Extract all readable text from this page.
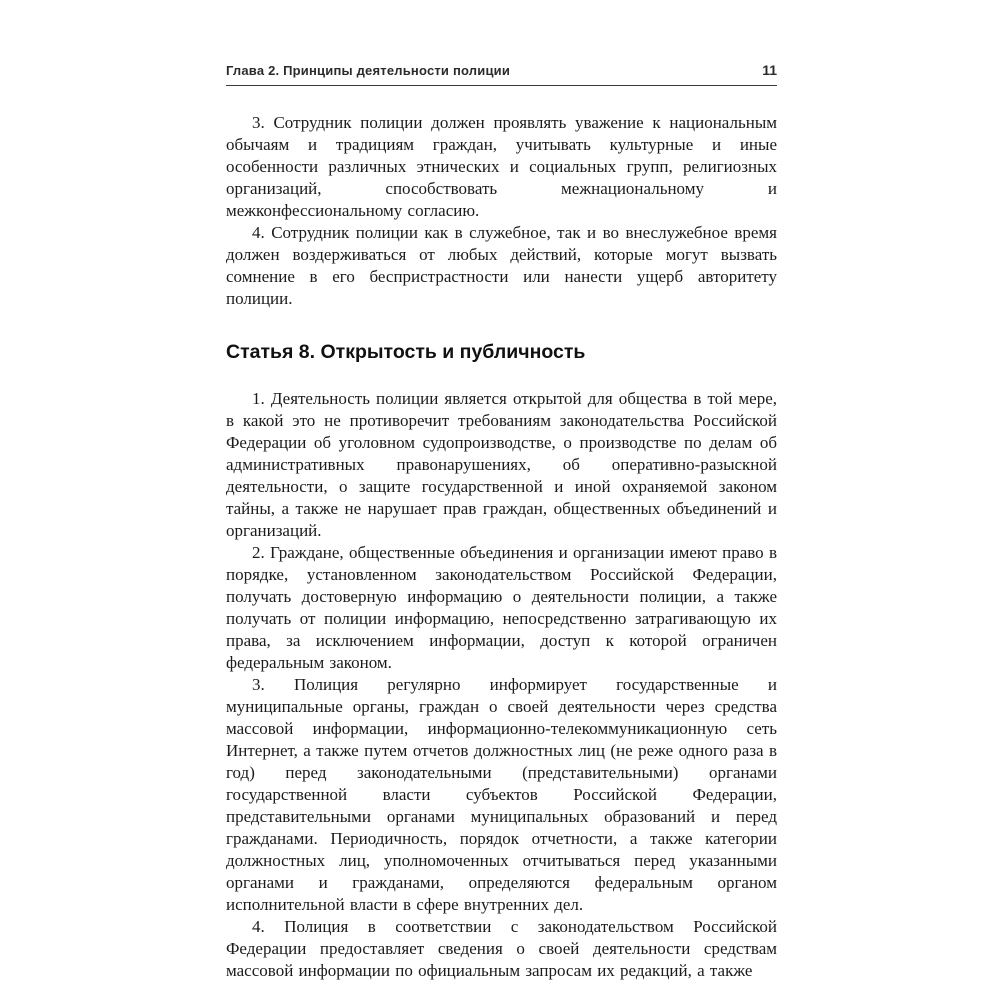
Глава 2. Принципы деятельности полиции	11

3. Сотрудник полиции должен проявлять уважение к национальным обычаям и традициям граждан, учитывать культурные и иные особенности различных этнических и социальных групп, религиозных организаций, способствовать межнациональному и межконфессиональному согласию.

4. Сотрудник полиции как в служебное, так и во внеслужебное время должен воздерживаться от любых действий, которые могут вызвать сомнение в его беспристрастности или нанести ущерб авторитету полиции.

Статья 8. Открытость и публичность

1. Деятельность полиции является открытой для общества в той мере, в какой это не противоречит требованиям законодательства Российской Федерации об уголовном судопроизводстве, о производстве по делам об административных правонарушениях, об оперативно-разыскной деятельности, о защите государственной и иной охраняемой законом тайны, а также не нарушает прав граждан, общественных объединений и организаций.

2. Граждане, общественные объединения и организации имеют право в порядке, установленном законодательством Российской Федерации, получать достоверную информацию о деятельности полиции, а также получать от полиции информацию, непосредственно затрагивающую их права, за исключением информации, доступ к которой ограничен федеральным законом.

3. Полиция регулярно информирует государственные и муниципальные органы, граждан о своей деятельности через средства массовой информации, информационно-телекоммуникационную сеть Интернет, а также путем отчетов должностных лиц (не реже одного раза в год) перед законодательными (представительными) органами государственной власти субъектов Российской Федерации, представительными органами муниципальных образований и перед гражданами. Периодичность, порядок отчетности, а также категории должностных лиц, уполномоченных отчитываться перед указанными органами и гражданами, определяются федеральным органом исполнительной власти в сфере внутренних дел.

4. Полиция в соответствии с законодательством Российской Федерации предоставляет сведения о своей деятельности средствам массовой информации по официальным запросам их редакций, а также
